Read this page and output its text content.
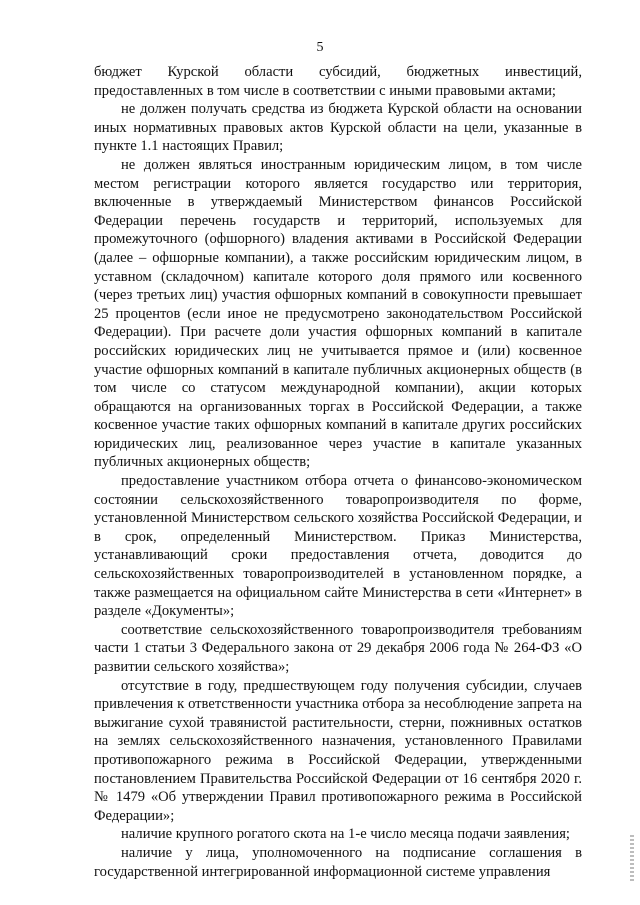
5

бюджет Курской области субсидий, бюджетных инвестиций, предоставленных в том числе в соответствии с иными правовыми актами;

не должен получать средства из бюджета Курской области на основании иных нормативных правовых актов Курской области на цели, указанные в пункте 1.1 настоящих Правил;

не должен являться иностранным юридическим лицом, в том числе местом регистрации которого является государство или территория, включенные в утверждаемый Министерством финансов Российской Федерации перечень государств и территорий, используемых для промежуточного (офшорного) владения активами в Российской Федерации (далее – офшорные компании), а также российским юридическим лицом, в уставном (складочном) капитале которого доля прямого или косвенного (через третьих лиц) участия офшорных компаний в совокупности превышает 25 процентов (если иное не предусмотрено законодательством Российской Федерации). При расчете доли участия офшорных компаний в капитале российских юридических лиц не учитывается прямое и (или) косвенное участие офшорных компаний в капитале публичных акционерных обществ (в том числе со статусом международной компании), акции которых обращаются на организованных торгах в Российской Федерации, а также косвенное участие таких офшорных компаний в капитале других российских юридических лиц, реализованное через участие в капитале указанных публичных акционерных обществ;

предоставление участником отбора отчета о финансово-экономическом состоянии сельскохозяйственного товаропроизводителя по форме, установленной Министерством сельского хозяйства Российской Федерации, и в срок, определенный Министерством. Приказ Министерства, устанавливающий сроки предоставления отчета, доводится до сельскохозяйственных товаропроизводителей в установленном порядке, а также размещается на официальном сайте Министерства в сети «Интернет» в разделе «Документы»;

соответствие сельскохозяйственного товаропроизводителя требованиям части 1 статьи 3 Федерального закона от 29 декабря 2006 года № 264-ФЗ «О развитии сельского хозяйства»;

отсутствие в году, предшествующем году получения субсидии, случаев привлечения к ответственности участника отбора за несоблюдение запрета на выжигание сухой травянистой растительности, стерни, пожнивных остатков на землях сельскохозяйственного назначения, установленного Правилами противопожарного режима в Российской Федерации, утвержденными постановлением Правительства Российской Федерации от 16 сентября 2020 г. № 1479 «Об утверждении Правил противопожарного режима в Российской Федерации»;

наличие крупного рогатого скота на 1-е число месяца подачи заявления;

наличие у лица, уполномоченного на подписание соглашения в государственной интегрированной информационной системе управления
